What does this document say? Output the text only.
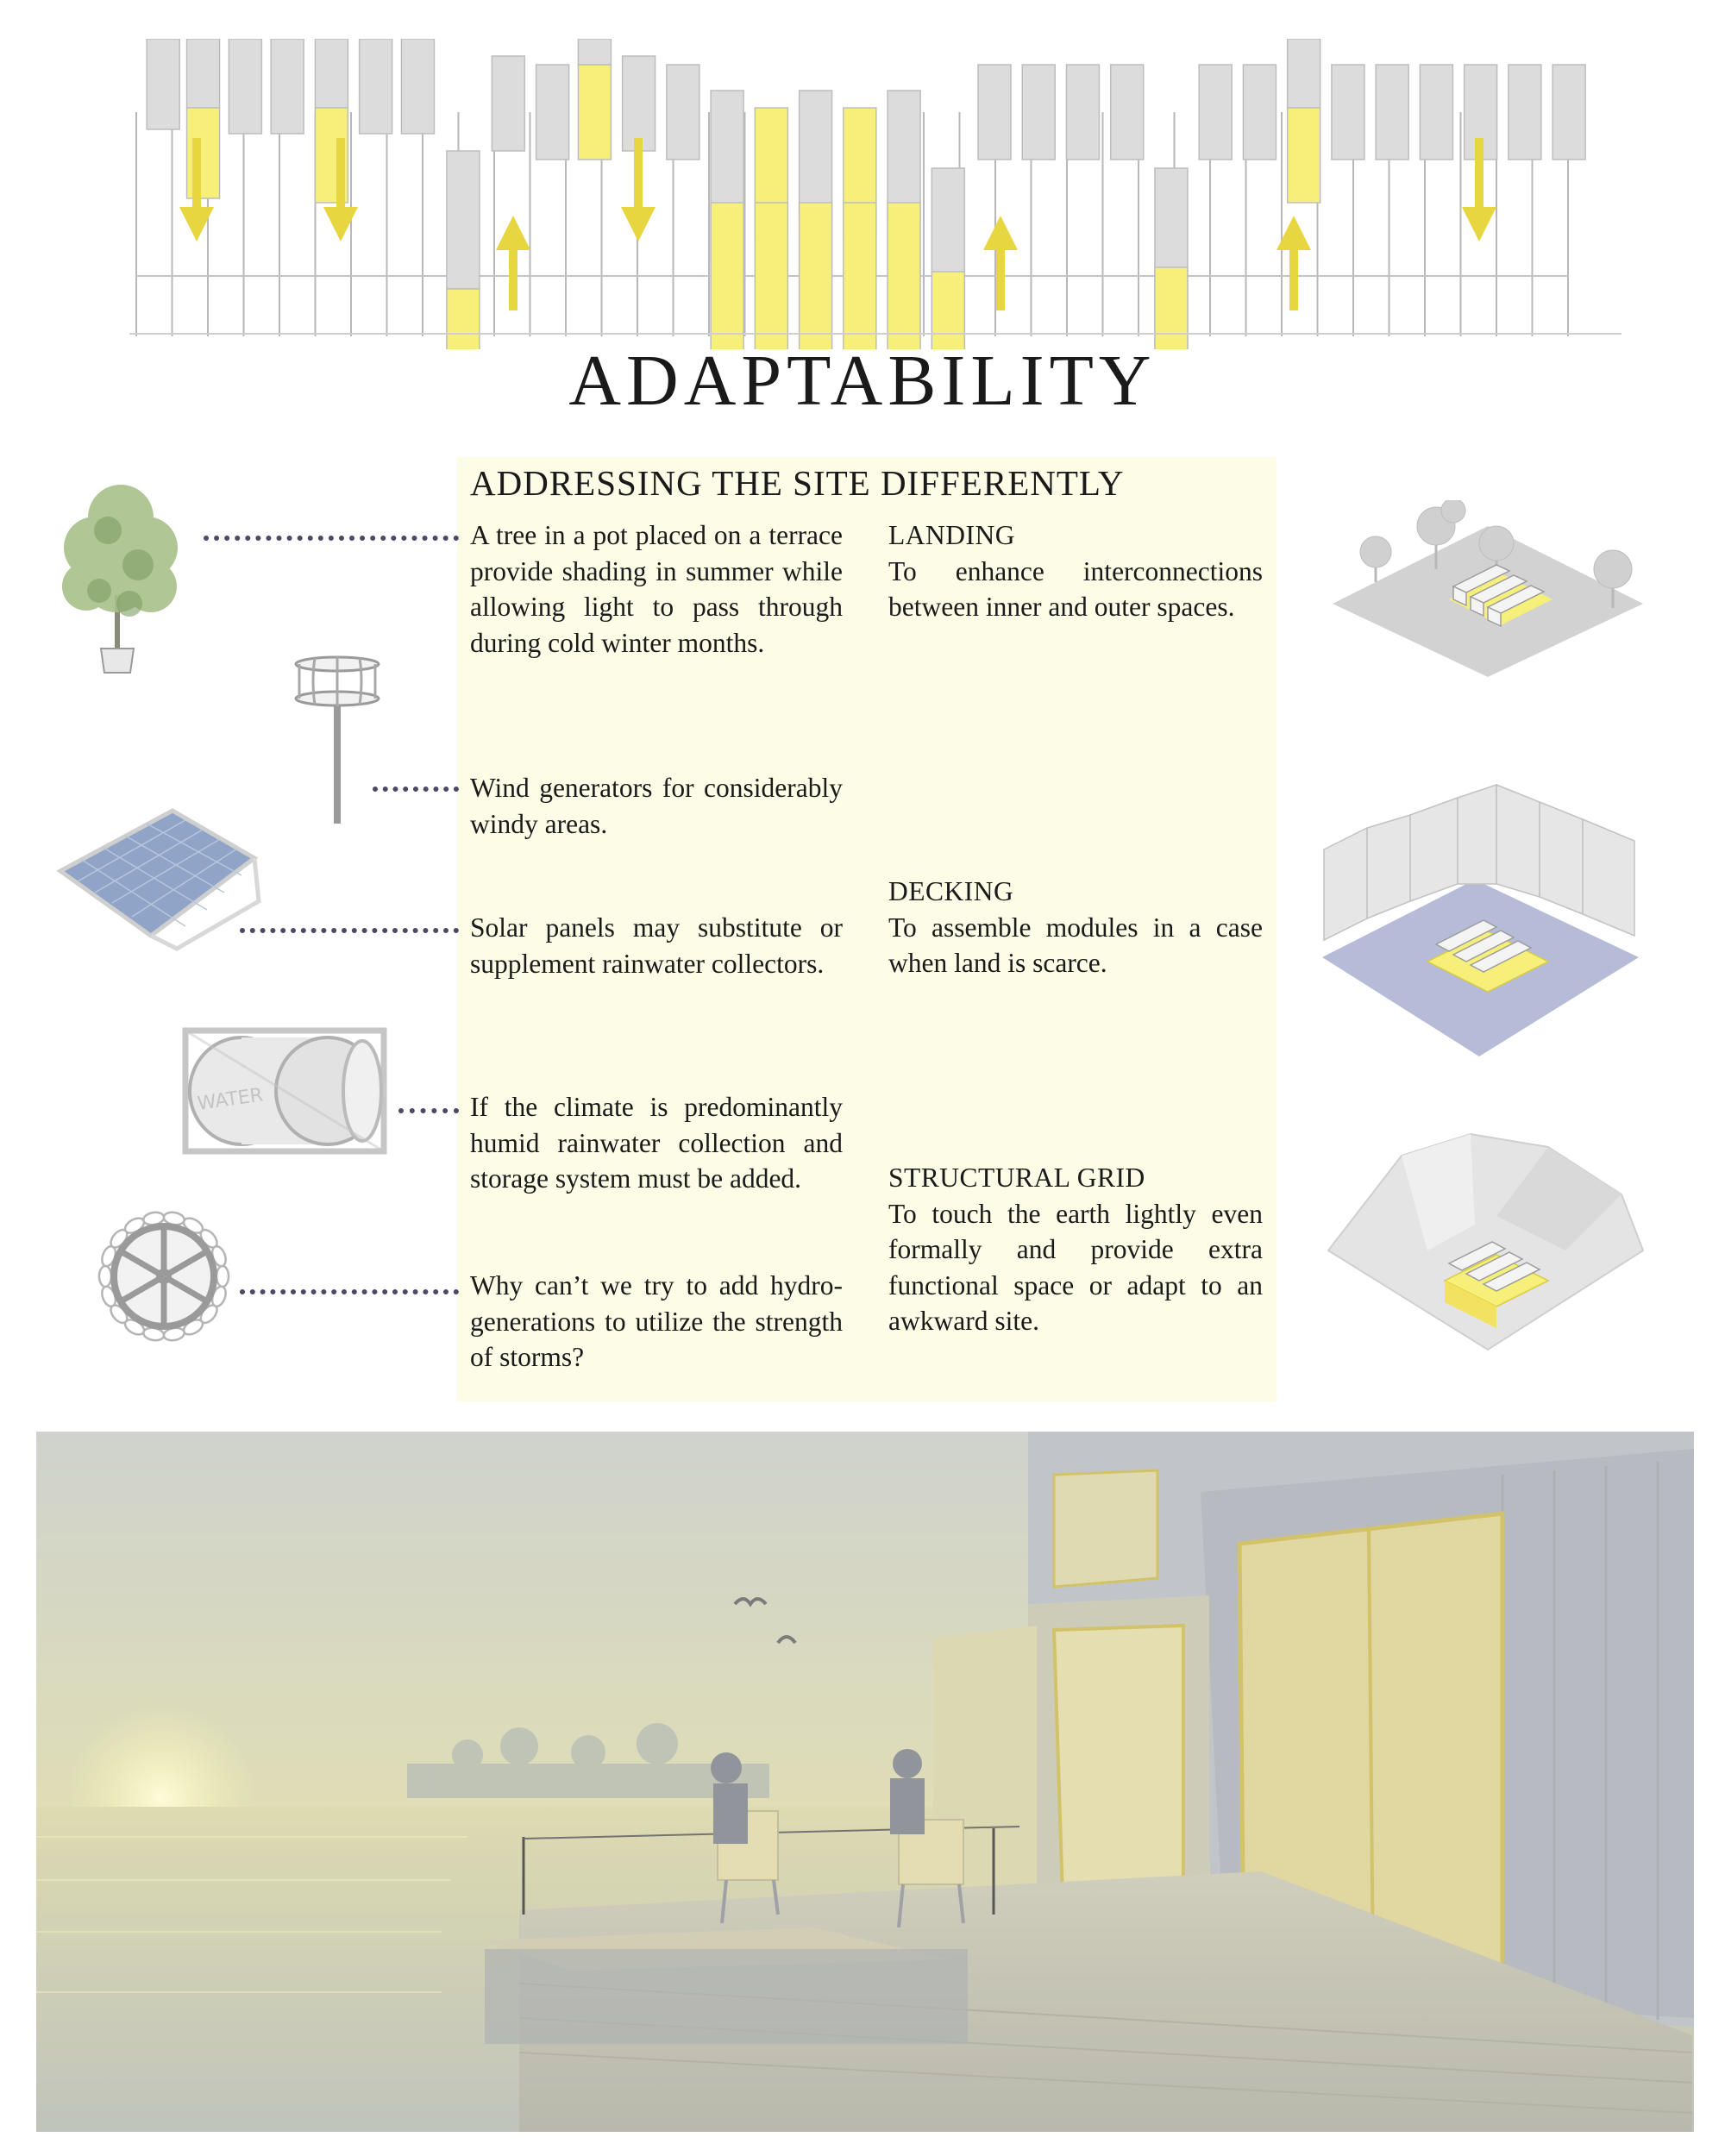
ADAPTABILITY
ADDRESSING THE SITE DIFFERENTLY

A tree in a pot placed on a terrace provide shading in summer while allowing light to pass through during cold winter months.

Wind generators for considerably windy areas.

Solar panels may substitute or supplement rainwater collectors.

If the climate is predominantly humid rainwater collection and storage system must be added.

Why can’t we try to add hydro-generations to utilize the strength of storms?

LANDING

To enhance interconnections between inner and outer spaces.

DECKING

To assemble modules in a case when land is scarce.

STRUCTURAL GRID

To touch the earth lightly even formally and provide extra functional space or adapt to an awkward site.

WATER
